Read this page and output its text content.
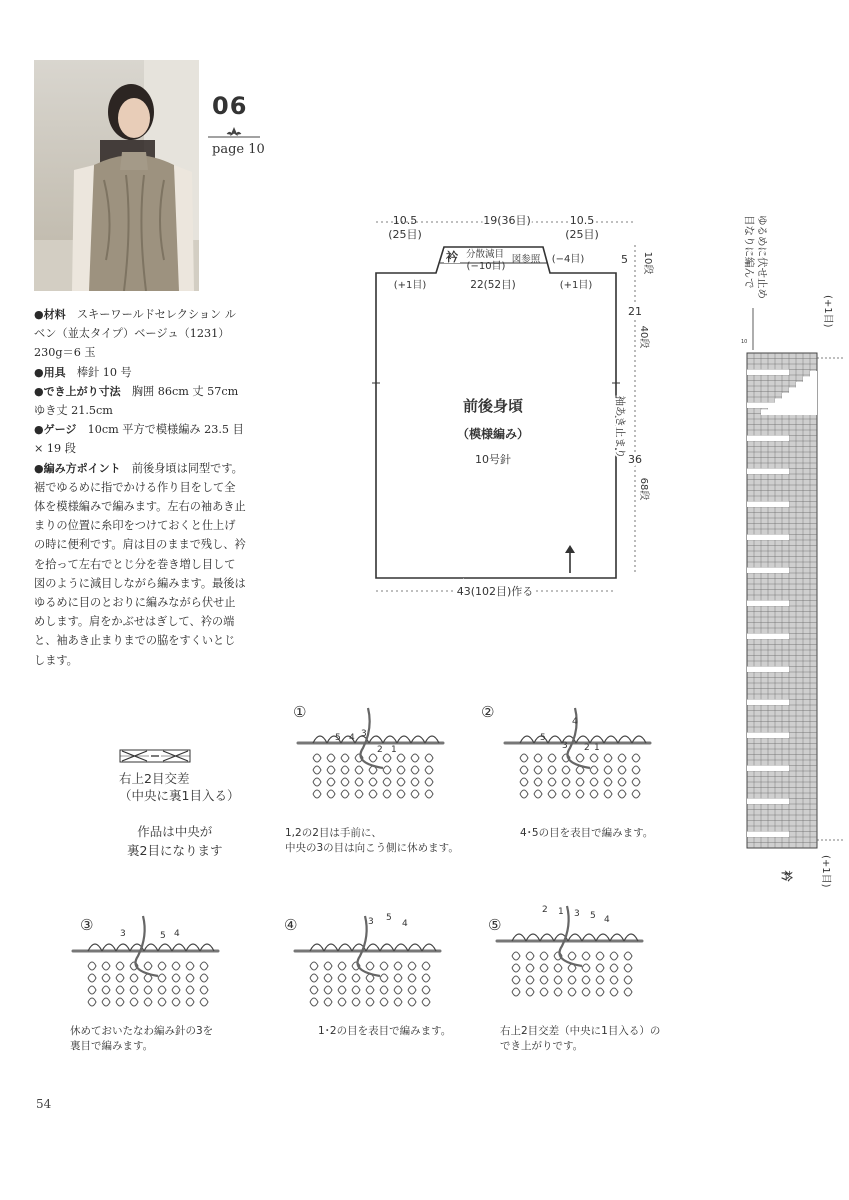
06
page 10

●材料　 スキーワールドセレクション ルベン（並太タイプ）ベージュ（1231）230g＝6 玉

●用具　 棒針 10 号

●でき上がり寸法　 胸囲 86cm 丈 57cm ゆき丈 21.5cm

●ゲージ　 10cm 平方で模様編み 23.5 目× 19 段

●編み方ポイント　 前後身頃は同型です。裾でゆるめに指でかける作り目をして全体を模様編みで編みます。左右の袖あき止まりの位置に糸印をつけておくと仕上げの時に便利です。肩は目のままで残し、衿を拾って左右でとじ分を巻き増し目して図のように減目しながら編みます。最後はゆるめに目のとおりに編みながら伏せ止めします。肩をかぶせはぎして、衿の端と、袖あき止まりまでの脇をすくいとじします。

10.5
(25目)
19(36目)	10.5
(25目)
衿 分散減目
(−10目)
図参照 (−4目)
(+1目)	22(52目)	(+1目)
5 10段
21
40段
袖あき止まり
36
68段
前後身頃
（模様編み）
10号針
43(102目)作る
目なりに編んで ゆるめに伏せ止め
(+1目)
10
(+1目)
衿
右上2目交差
（中央に裏1目入る）
作品は中央が
裏2目になります
①	②
③	④	⑤
5 4 3
2 1
5
4
3 2 1
3	5 4
3 5
4
2 1 3 5 4
1,2の2目は手前に、
中央の3の目は向こう側に休めます。
4･5の目を表目で編みます。
休めておいたなわ編み針の3を
裏目で編みます。
1･2の目を表目で編みます。	右上2目交差（中央に1目入る）の
でき上がりです。
54
